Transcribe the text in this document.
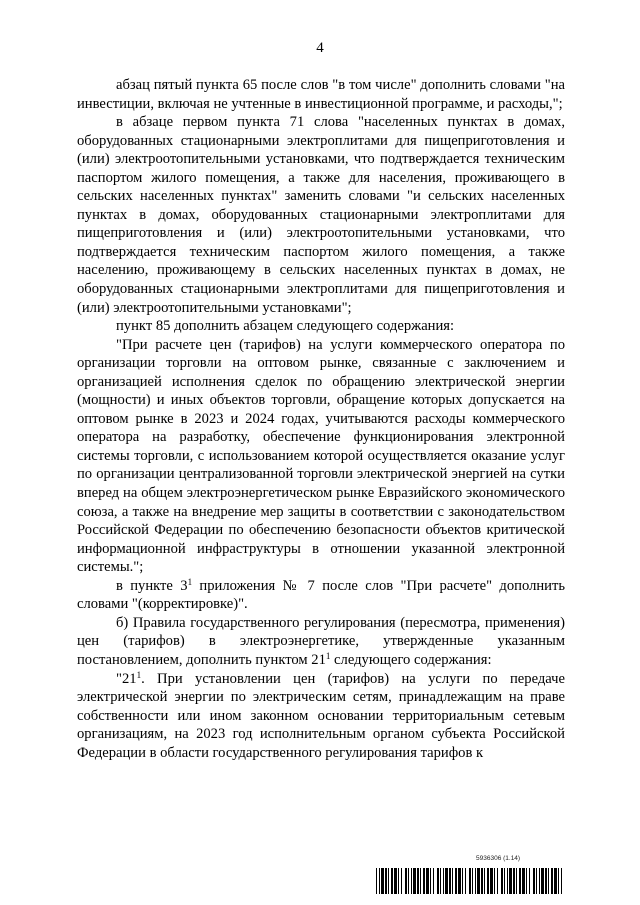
4

абзац пятый пункта 65 после слов "в том числе" дополнить словами "на инвестиции, включая не учтенные в инвестиционной программе, и расходы,";

в абзаце первом пункта 71 слова "населенных пунктах в домах, оборудованных стационарными электроплитами для пищеприготовления и (или) электроотопительными установками, что подтверждается техническим паспортом жилого помещения, а также для населения, проживающего в сельских населенных пунктах" заменить словами "и сельских населенных пунктах в домах, оборудованных стационарными электроплитами для пищеприготовления и (или) электроотопительными установками, что подтверждается техническим паспортом жилого помещения, а также населению, проживающему в сельских населенных пунктах в домах, не оборудованных стационарными электроплитами для пищеприготовления и (или) электроотопительными установками";

пункт 85 дополнить абзацем следующего содержания:

"При расчете цен (тарифов) на услуги коммерческого оператора по организации торговли на оптовом рынке, связанные с заключением и организацией исполнения сделок по обращению электрической энергии (мощности) и иных объектов торговли, обращение которых допускается на оптовом рынке в 2023 и 2024 годах, учитываются расходы коммерческого оператора на разработку, обеспечение функционирования электронной системы торговли, с использованием которой осуществляется оказание услуг по организации централизованной торговли электрической энергией на сутки вперед на общем электроэнергетическом рынке Евразийского экономического союза, а также на внедрение мер защиты в соответствии с законодательством Российской Федерации по обеспечению безопасности объектов критической информационной инфраструктуры в отношении указанной электронной системы.";

в пункте $3^1$ приложения № 7 после слов "При расчете" дополнить словами "(корректировке)".

б) Правила государственного регулирования (пересмотра, применения) цен (тарифов) в электроэнергетике, утвержденные указанным постановлением, дополнить пунктом $21^1$ следующего содержания:

"$21^1$. При установлении цен (тарифов) на услуги по передаче электрической энергии по электрическим сетям, принадлежащим на праве собственности или ином законном основании территориальным сетевым организациям, на 2023 год исполнительным органом субъекта Российской Федерации в области государственного регулирования тарифов к

5936306 (1.14)
